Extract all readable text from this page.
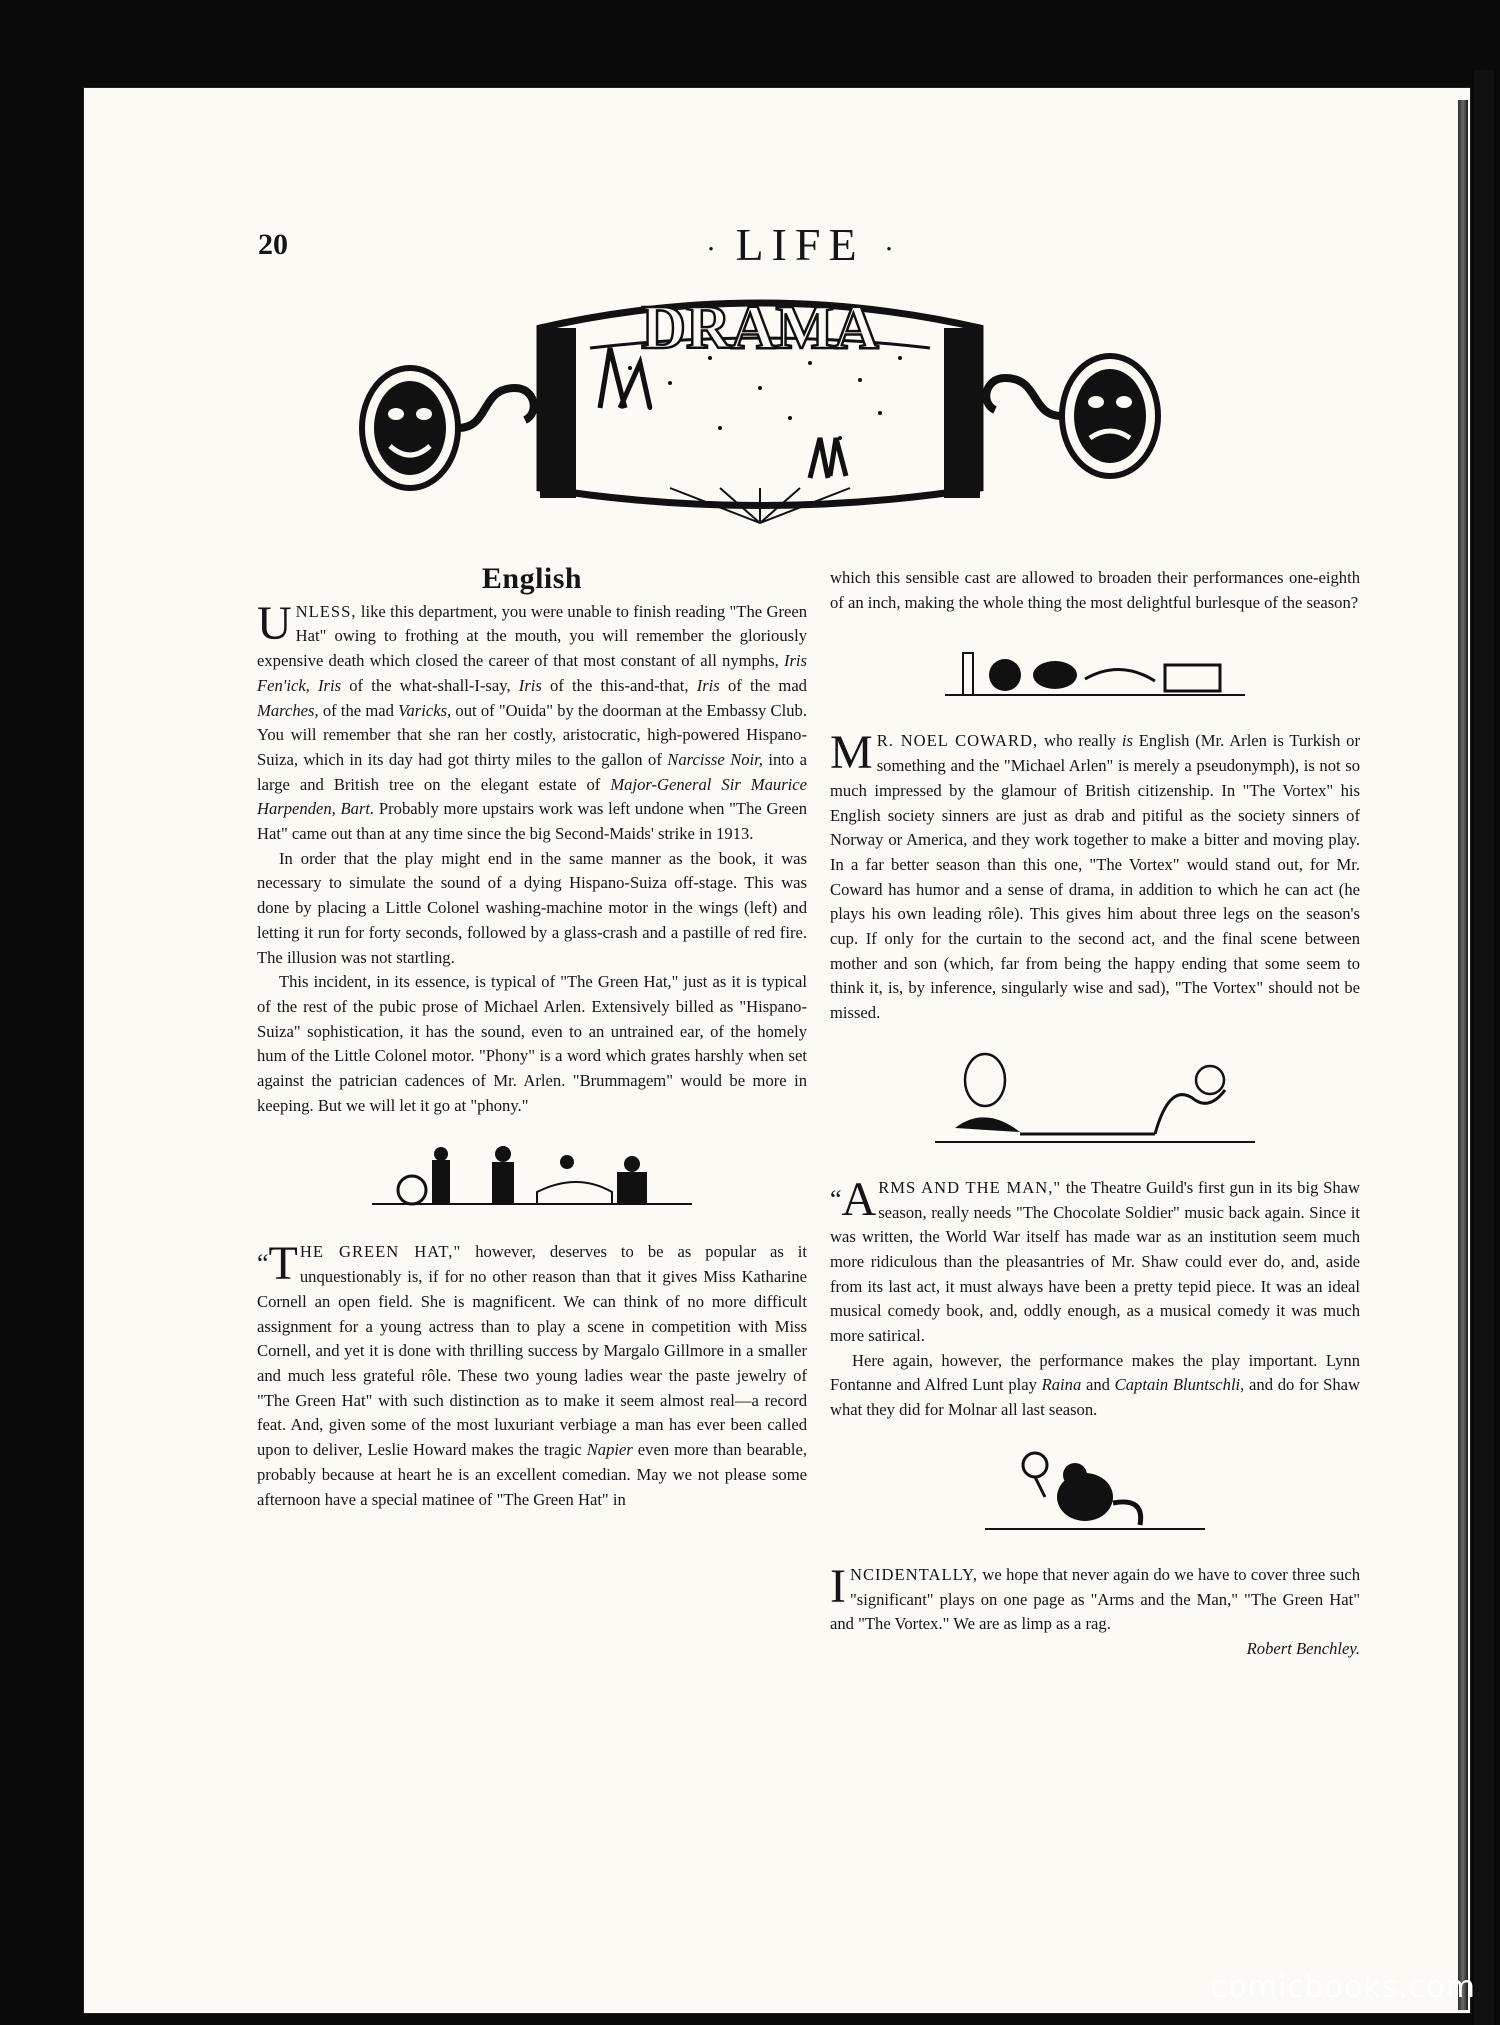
20	· LIFE ·
DRAMA
English

UNLESS, like this department, you were unable to finish reading "The Green Hat" owing to frothing at the mouth, you will remember the gloriously expensive death which closed the career of that most constant of all nymphs, Iris Fen'ick, Iris of the what-shall-I-say, Iris of the this-and-that, Iris of the mad Marches, of the mad Varicks, out of "Ouida" by the doorman at the Embassy Club. You will remember that she ran her costly, aristocratic, high-powered Hispano-Suiza, which in its day had got thirty miles to the gallon of Narcisse Noir, into a large and British tree on the elegant estate of Major-General Sir Maurice Harpenden, Bart. Probably more upstairs work was left undone when "The Green Hat" came out than at any time since the big Second-Maids' strike in 1913.

In order that the play might end in the same manner as the book, it was necessary to simulate the sound of a dying Hispano-Suiza off-stage. This was done by placing a Little Colonel washing-machine motor in the wings (left) and letting it run for forty seconds, followed by a glass-crash and a pastille of red fire. The illusion was not startling.

This incident, in its essence, is typical of "The Green Hat," just as it is typical of the rest of the pubic prose of Michael Arlen. Extensively billed as "Hispano-Suiza" sophistication, it has the sound, even to an untrained ear, of the homely hum of the Little Colonel motor. "Phony" is a word which grates harshly when set against the patrician cadences of Mr. Arlen. "Brummagem" would be more in keeping. But we will let it go at "phony."

“T HE GREEN HAT," however, deserves to be as popular as it unquestionably is, if for no other reason than that it gives Miss Katharine Cornell an open field. She is magnificent. We can think of no more difficult assignment for a young actress than to play a scene in competition with Miss Cornell, and yet it is done with thrilling success by Margalo Gillmore in a smaller and much less grateful rôle. These two young ladies wear the paste jewelry of "The Green Hat" with such distinction as to make it seem almost real—a record feat. And, given some of the most luxuriant verbiage a man has ever been called upon to deliver, Leslie Howard makes the tragic Napier even more than bearable, probably because at heart he is an excellent comedian. May we not please some afternoon have a special matinee of "The Green Hat" in

which this sensible cast are allowed to broaden their performances one-eighth of an inch, making the whole thing the most delightful burlesque of the season?

M R. NOEL COWARD, who really is English (Mr. Arlen is Turkish or something and the "Michael Arlen" is merely a pseudonymph), is not so much impressed by the glamour of British citizenship. In "The Vortex" his English society sinners are just as drab and pitiful as the society sinners of Norway or America, and they work together to make a bitter and moving play. In a far better season than this one, "The Vortex" would stand out, for Mr. Coward has humor and a sense of drama, in addition to which he can act (he plays his own leading rôle). This gives him about three legs on the season's cup. If only for the curtain to the second act, and the final scene between mother and son (which, far from being the happy ending that some seem to think it, is, by inference, singularly wise and sad), "The Vortex" should not be missed.

“A RMS AND THE MAN," the Theatre Guild's first gun in its big Shaw season, really needs "The Chocolate Soldier" music back again. Since it was written, the World War itself has made war as an institution seem much more ridiculous than the pleasantries of Mr. Shaw could ever do, and, aside from its last act, it must always have been a pretty tepid piece. It was an ideal musical comedy book, and, oddly enough, as a musical comedy it was much more satirical.

Here again, however, the performance makes the play important. Lynn Fontanne and Alfred Lunt play Raina and Captain Bluntschli, and do for Shaw what they did for Molnar all last season.

INCIDENTALLY, we hope that never again do we have to cover three such "significant" plays on one page as "Arms and the Man," "The Green Hat" and "The Vortex." We are as limp as a rag.

Robert Benchley.
comicbooks.com
